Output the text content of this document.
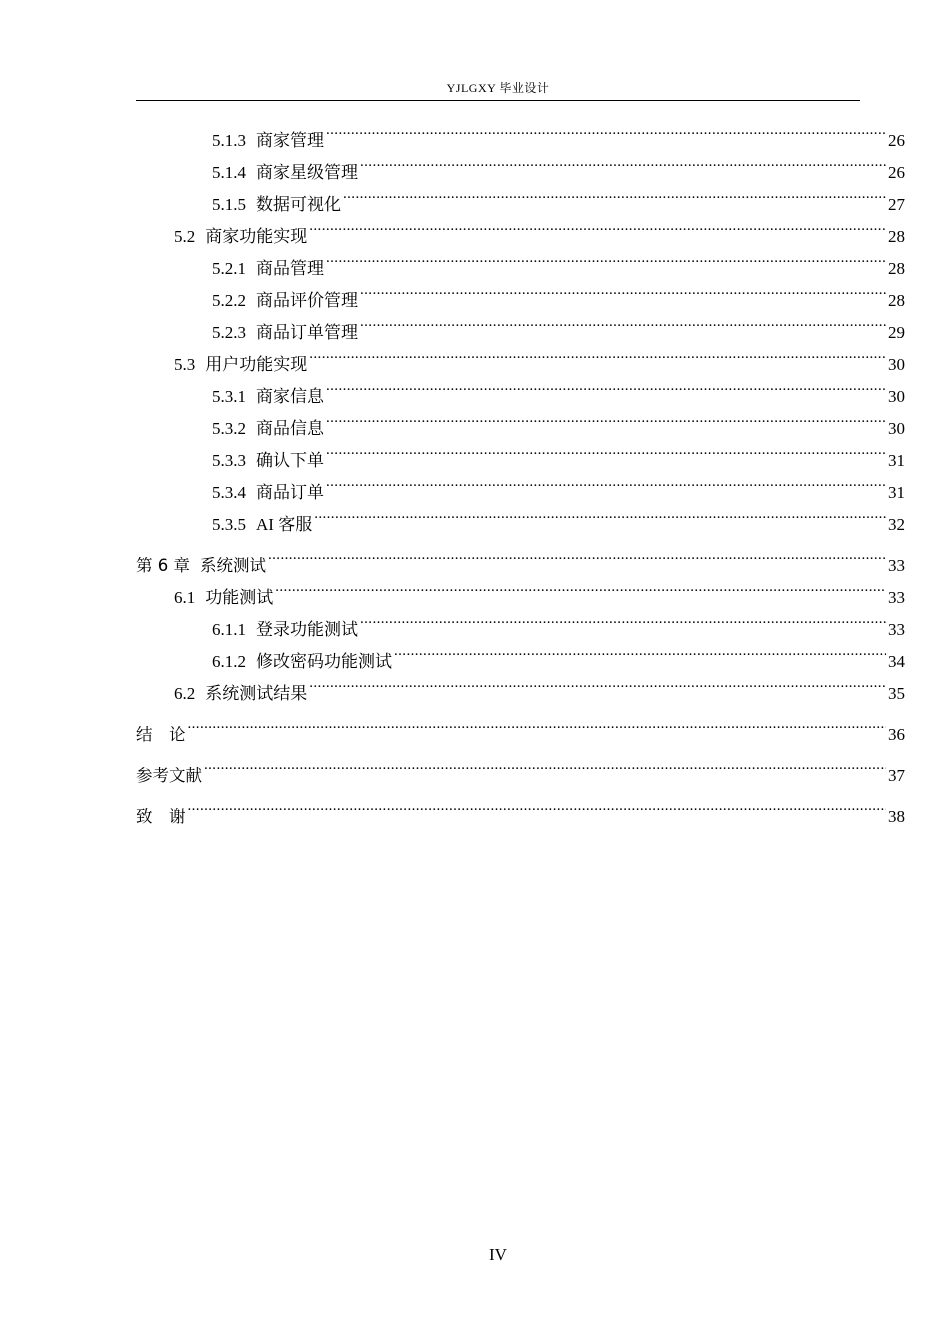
YJLGXY 毕业设计
5.1.3 商家管理 .....	26
5.1.4 商家星级管理 .....	26
5.1.5 数据可视化 .....	27
5.2 商家功能实现 .....	28
5.2.1 商品管理 .....	28
5.2.2 商品评价管理 .....	28
5.2.3 商品订单管理 .....	29
5.3 用户功能实现 .....	30
5.3.1 商家信息 .....	30
5.3.2 商品信息 .....	30
5.3.3 确认下单 .....	31
5.3.4 商品订单 .....	31
5.3.5 AI 客服 .....	32
第 6 章 系统测试 .....	33
6.1 功能测试 .....	33
6.1.1 登录功能测试 .....	33
6.1.2 修改密码功能测试 .....	34
6.2 系统测试结果 .....	35
结　论 .....	36
参考文献 .....	37
致　谢 .....	38
IV
